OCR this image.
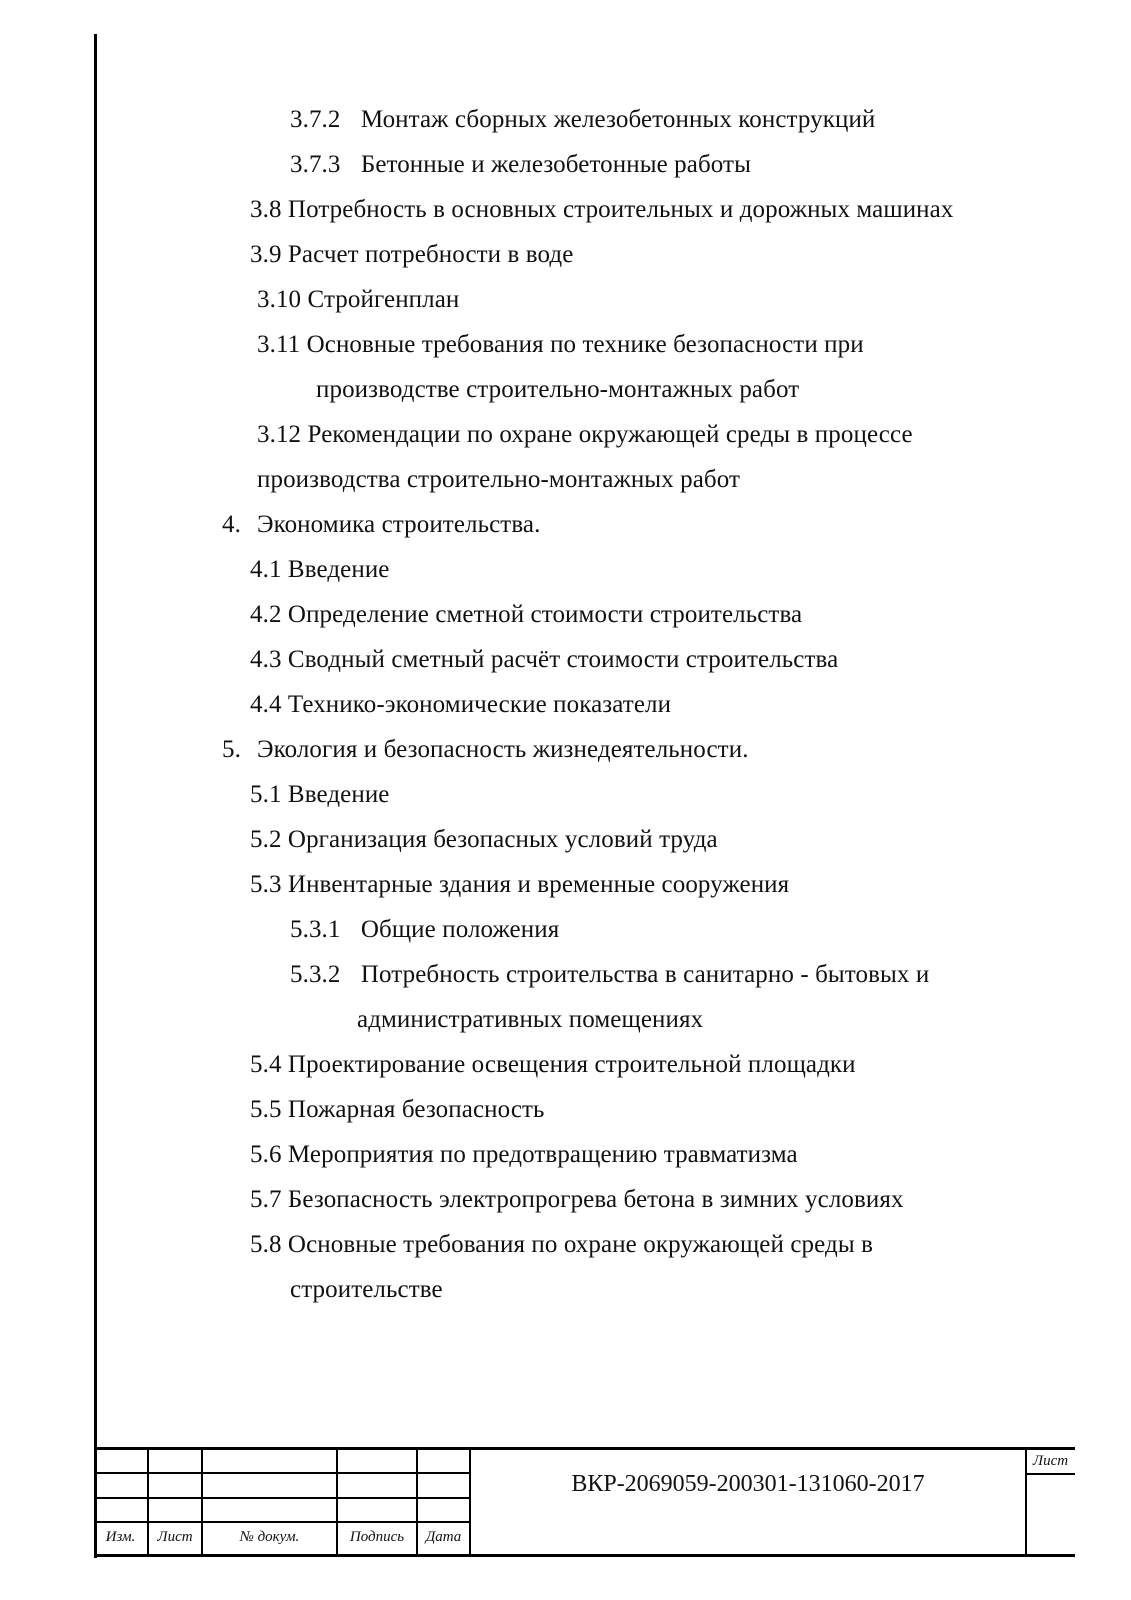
3.7.2 Монтаж сборных железобетонных конструкций
3.7.3 Бетонные и железобетонные работы
3.8 Потребность в основных строительных и дорожных машинах
3.9 Расчет потребности в воде
3.10 Стройгенплан
3.11 Основные требования по технике безопасности при
производстве строительно-монтажных работ
3.12 Рекомендации по охране окружающей среды в процессе
производства строительно-монтажных работ
4. Экономика строительства.
4.1 Введение
4.2 Определение сметной стоимости строительства
4.3 Сводный сметный расчёт стоимости строительства
4.4 Технико-экономические показатели
5. Экология и безопасность жизнедеятельности.
5.1 Введение
5.2 Организация безопасных условий труда
5.3 Инвентарные здания и временные сооружения
5.3.1 Общие положения
5.3.2 Потребность строительства в санитарно - бытовых и
административных помещениях
5.4 Проектирование освещения строительной площадки
5.5 Пожарная безопасность
5.6 Мероприятия по предотвращению травматизма
5.7 Безопасность электропрогрева бетона в зимних условиях
5.8 Основные требования по охране окружающей среды в
строительстве
Изм.	Лист	№ докум.	Подпись	Дата
ВКР-2069059-200301-131060-2017
Лист
